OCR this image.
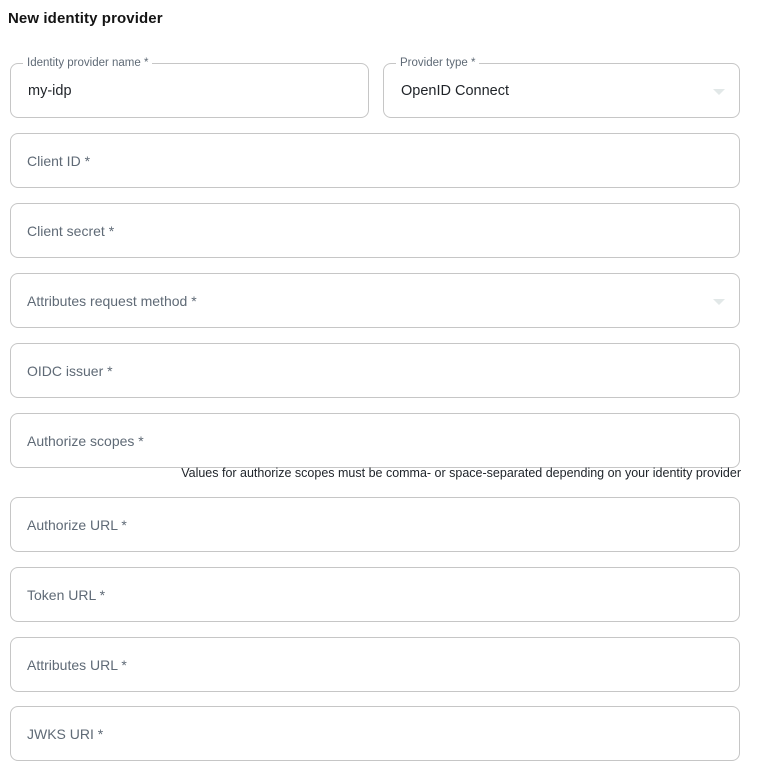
New identity provider
Identity provider name *
my-idp
Provider type *
OpenID Connect
Client ID *
Client secret *
Attributes request method *
OIDC issuer *
Authorize scopes *
Values for authorize scopes must be comma- or space-separated depending on your identity provider
Authorize URL *
Token URL *
Attributes URL *
JWKS URI *
